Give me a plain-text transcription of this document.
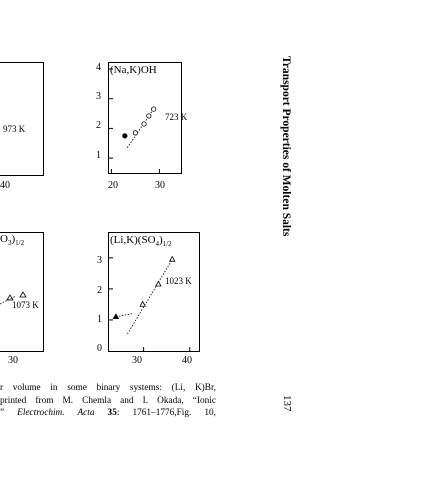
973 K
40
(Na,K)OH
723 K
4
3
2
1
20	30
$O_3)_{1/2}$
1073 K
30
$(Li,K)(SO_4)_{1/2}$
1023 K
3
2
1
0
30	40

r volume in some binary systems: (Li, K)Br,

printed from M. Chemla and I. Okada, “Ionic

” Electrochim. Acta 35: 1761–1776,Fig. 10,

Transport Properties of Molten Salts
137
